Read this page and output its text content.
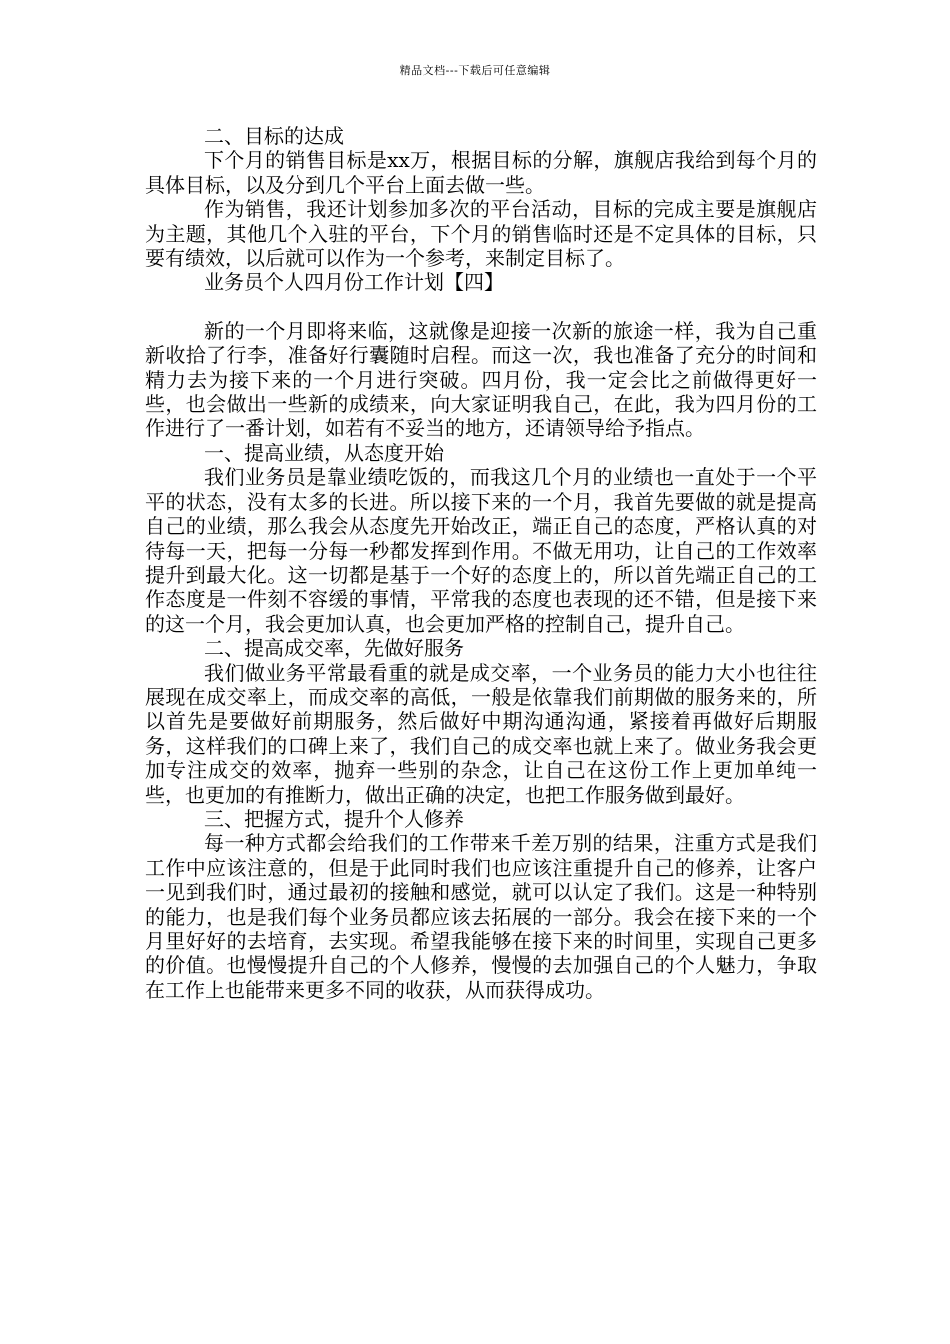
精品文档---下载后可任意编辑

二、目标的达成

下个月的销售目标是xx万，根据目标的分解，旗舰店我给到每个月的具体目标，以及分到几个平台上面去做一些。

作为销售，我还计划参加多次的平台活动，目标的完成主要是旗舰店为主题，其他几个入驻的平台，下个月的销售临时还是不定具体的目标，只要有绩效，以后就可以作为一个参考，来制定目标了。

业务员个人四月份工作计划【四】

新的一个月即将来临，这就像是迎接一次新的旅途一样，我为自己重新收拾了行李，准备好行囊随时启程。而这一次，我也准备了充分的时间和精力去为接下来的一个月进行突破。四月份，我一定会比之前做得更好一些，也会做出一些新的成绩来，向大家证明我自己，在此，我为四月份的工作进行了一番计划，如若有不妥当的地方，还请领导给予指点。

一、提高业绩，从态度开始

我们业务员是靠业绩吃饭的，而我这几个月的业绩也一直处于一个平平的状态，没有太多的长进。所以接下来的一个月，我首先要做的就是提高自己的业绩，那么我会从态度先开始改正，端正自己的态度，严格认真的对待每一天，把每一分每一秒都发挥到作用。不做无用功，让自己的工作效率提升到最大化。这一切都是基于一个好的态度上的，所以首先端正自己的工作态度是一件刻不容缓的事情，平常我的态度也表现的还不错，但是接下来的这一个月，我会更加认真，也会更加严格的控制自己，提升自己。

二、提高成交率，先做好服务

我们做业务平常最看重的就是成交率，一个业务员的能力大小也往往展现在成交率上，而成交率的高低，一般是依靠我们前期做的服务来的，所以首先是要做好前期服务，然后做好中期沟通沟通，紧接着再做好后期服务，这样我们的口碑上来了，我们自己的成交率也就上来了。做业务我会更加专注成交的效率，抛弃一些别的杂念，让自己在这份工作上更加单纯一些，也更加的有推断力，做出正确的决定，也把工作服务做到最好。

三、把握方式，提升个人修养

每一种方式都会给我们的工作带来千差万别的结果，注重方式是我们工作中应该注意的，但是于此同时我们也应该注重提升自己的修养，让客户一见到我们时，通过最初的接触和感觉，就可以认定了我们。这是一种特别的能力，也是我们每个业务员都应该去拓展的一部分。我会在接下来的一个月里好好的去培育，去实现。希望我能够在接下来的时间里，实现自己更多的价值。也慢慢提升自己的个人修养，慢慢的去加强自己的个人魅力，争取在工作上也能带来更多不同的收获，从而获得成功。
